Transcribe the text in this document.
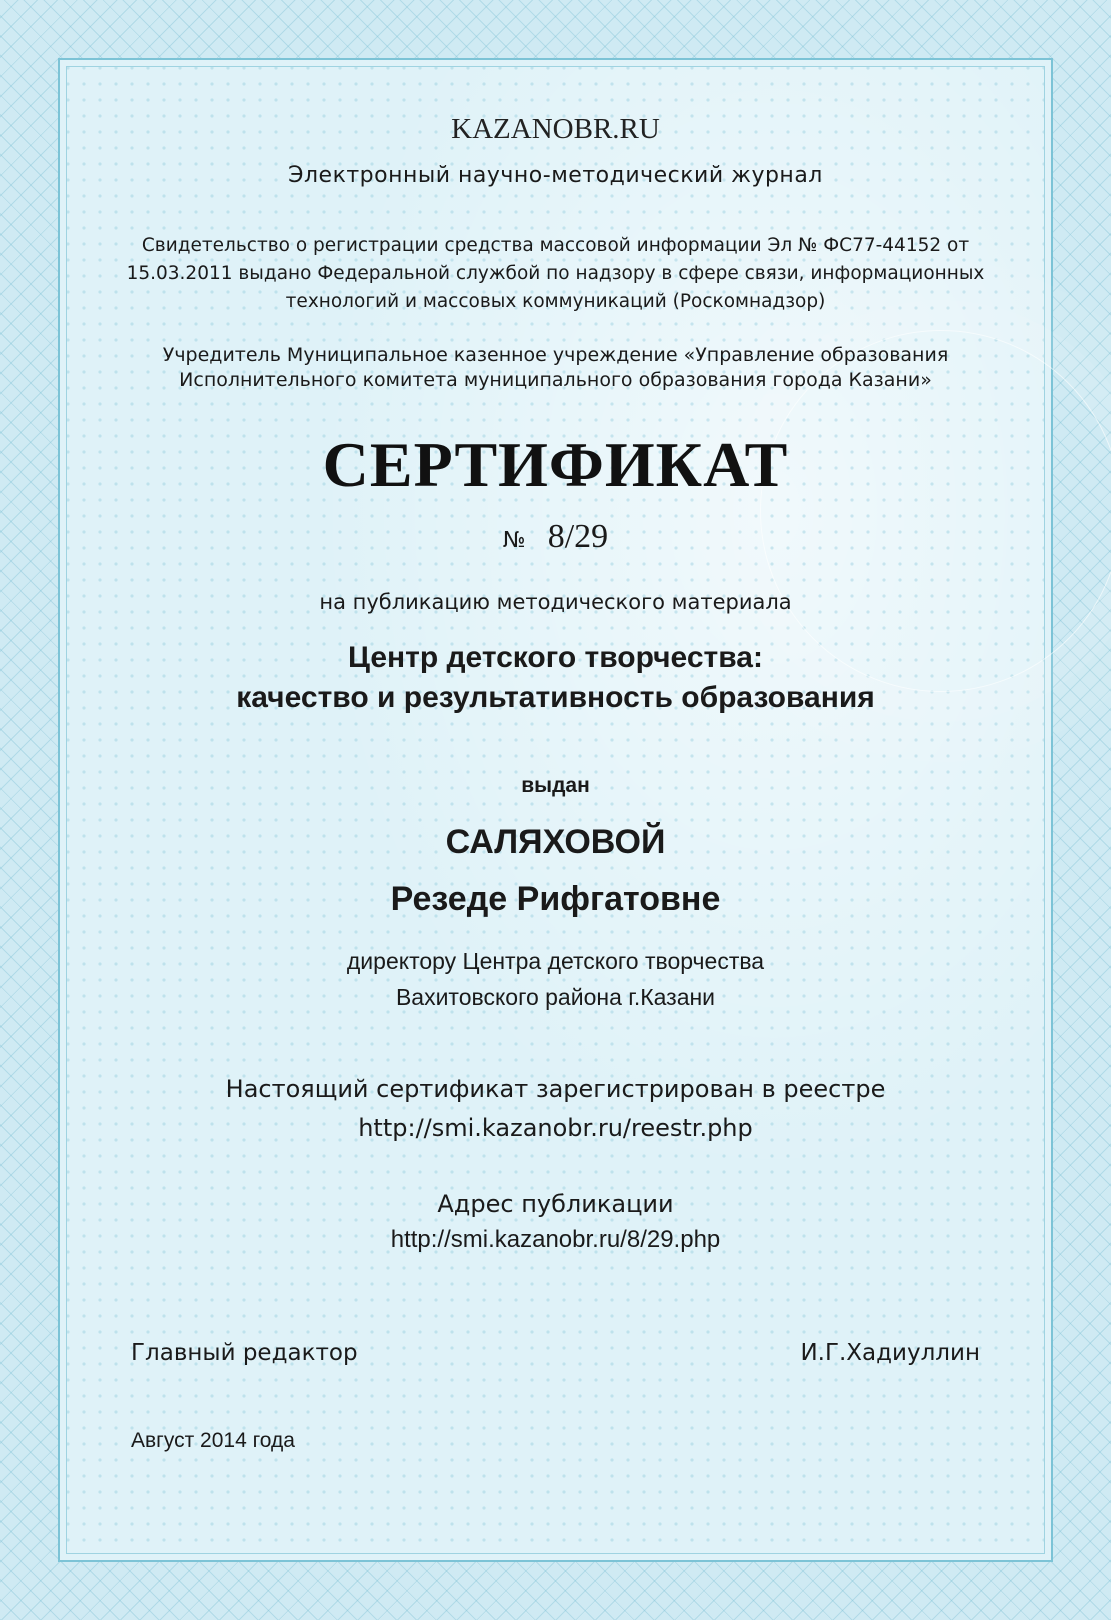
KAZANOBR.RU
Электронный научно-методический журнал
Свидетельство о регистрации средства массовой информации Эл № ФС77-44152 от
15.03.2011 выдано Федеральной службой по надзору в сфере связи, информационных
технологий и массовых коммуникаций (Роскомнадзор)
Учредитель Муниципальное казенное учреждение «Управление образования
Исполнительного комитета муниципального образования города Казани»
СЕРТИФИКАТ
№ 8/29
на публикацию методического материала
Центр детского творчества:
качество и результативность образования
выдан
САЛЯХОВОЙ
Резеде Рифгатовне
директору Центра детского творчества
Вахитовского района г.Казани
Настоящий сертификат зарегистрирован в реестре
http://smi.kazanobr.ru/reestr.php
Адрес публикации
http://smi.kazanobr.ru/8/29.php
Главный редактор	И.Г.Хадиуллин
Август 2014 года
